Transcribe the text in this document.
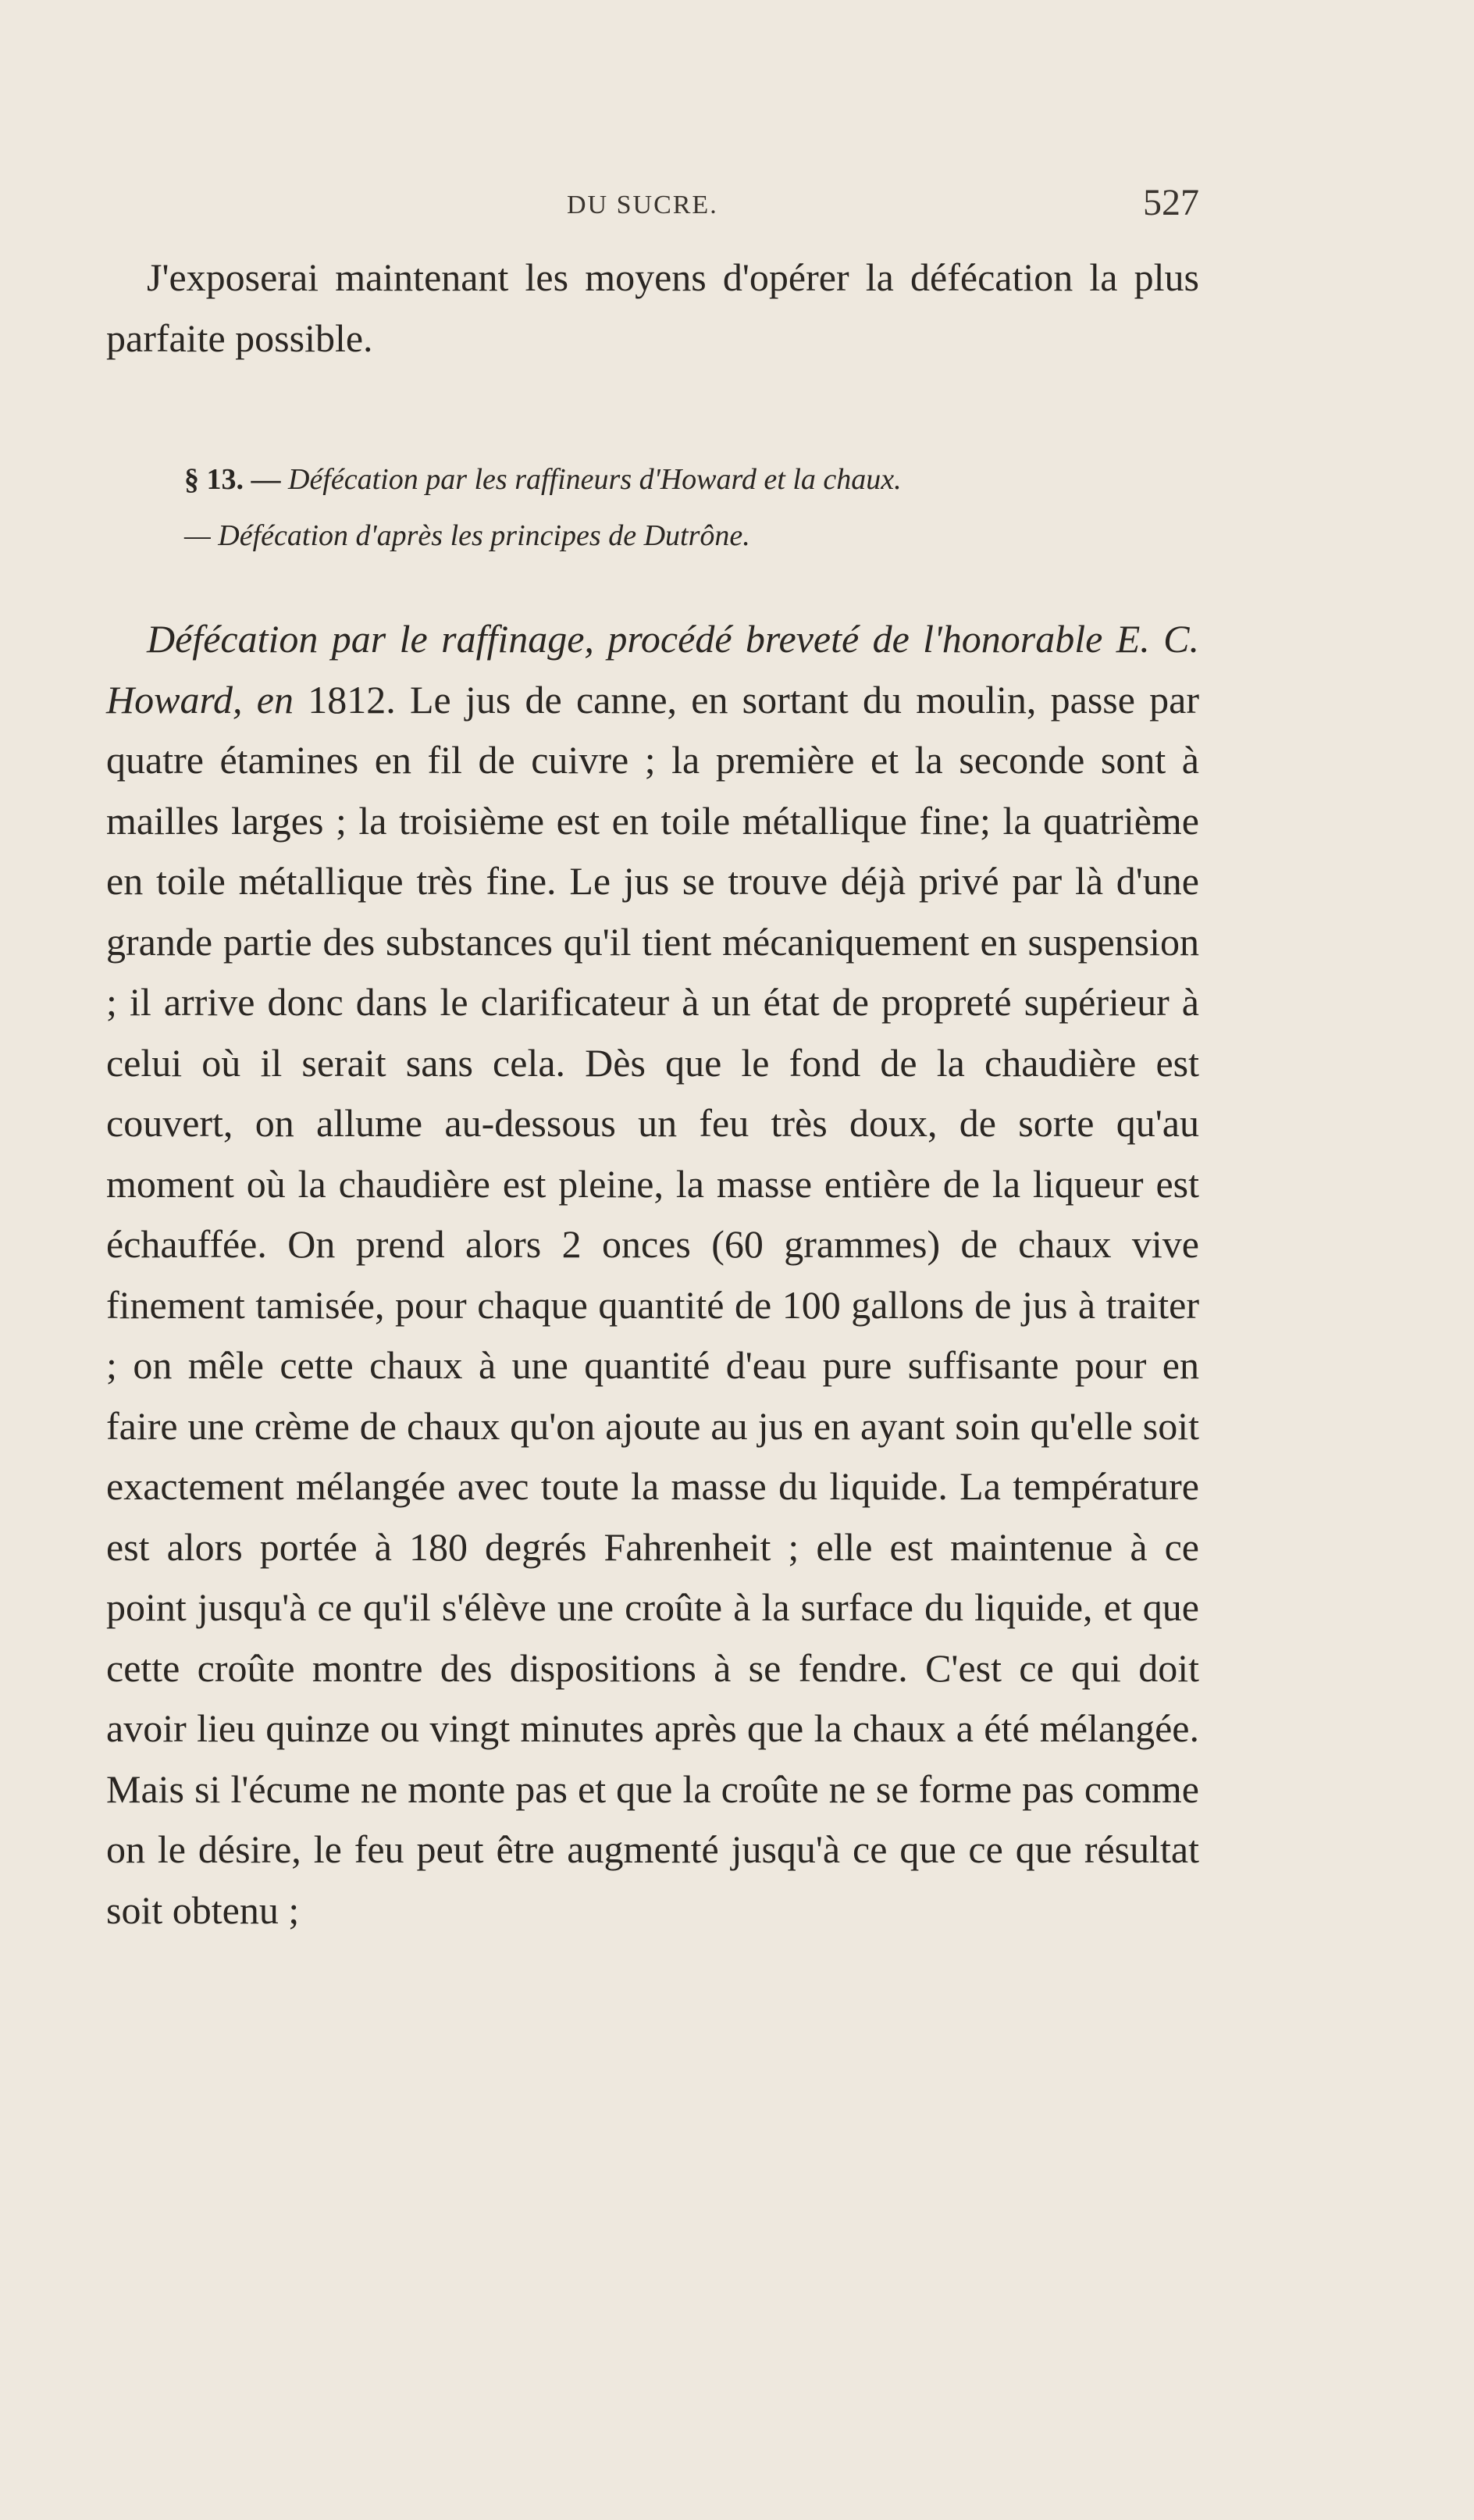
DU SUCRE.	527

J'exposerai maintenant les moyens d'opérer la défécation la plus parfaite possible.

§ 13. — Défécation par les raffineurs d'Howard et la chaux.
— Défécation d'après les principes de Dutrône.

Défécation par le raffinage, procédé breveté de l'honorable E. C. Howard, en 1812. Le jus de canne, en sortant du moulin, passe par quatre étamines en fil de cuivre ; la première et la seconde sont à mailles larges ; la troisième est en toile métallique fine; la quatrième en toile métallique très fine. Le jus se trouve déjà privé par là d'une grande partie des substances qu'il tient mécaniquement en suspension ; il arrive donc dans le clarificateur à un état de propreté supérieur à celui où il serait sans cela. Dès que le fond de la chaudière est couvert, on allume au-dessous un feu très doux, de sorte qu'au moment où la chaudière est pleine, la masse entière de la liqueur est échauffée. On prend alors 2 onces (60 grammes) de chaux vive finement tamisée, pour chaque quantité de 100 gallons de jus à traiter ; on mêle cette chaux à une quantité d'eau pure suffisante pour en faire une crème de chaux qu'on ajoute au jus en ayant soin qu'elle soit exactement mélangée avec toute la masse du liquide. La température est alors portée à 180 degrés Fahrenheit ; elle est maintenue à ce point jusqu'à ce qu'il s'élève une croûte à la surface du liquide, et que cette croûte montre des dispositions à se fendre. C'est ce qui doit avoir lieu quinze ou vingt minutes après que la chaux a été mélangée. Mais si l'écume ne monte pas et que la croûte ne se forme pas comme on le désire, le feu peut être augmenté jusqu'à ce que ce que résultat soit obtenu ;
